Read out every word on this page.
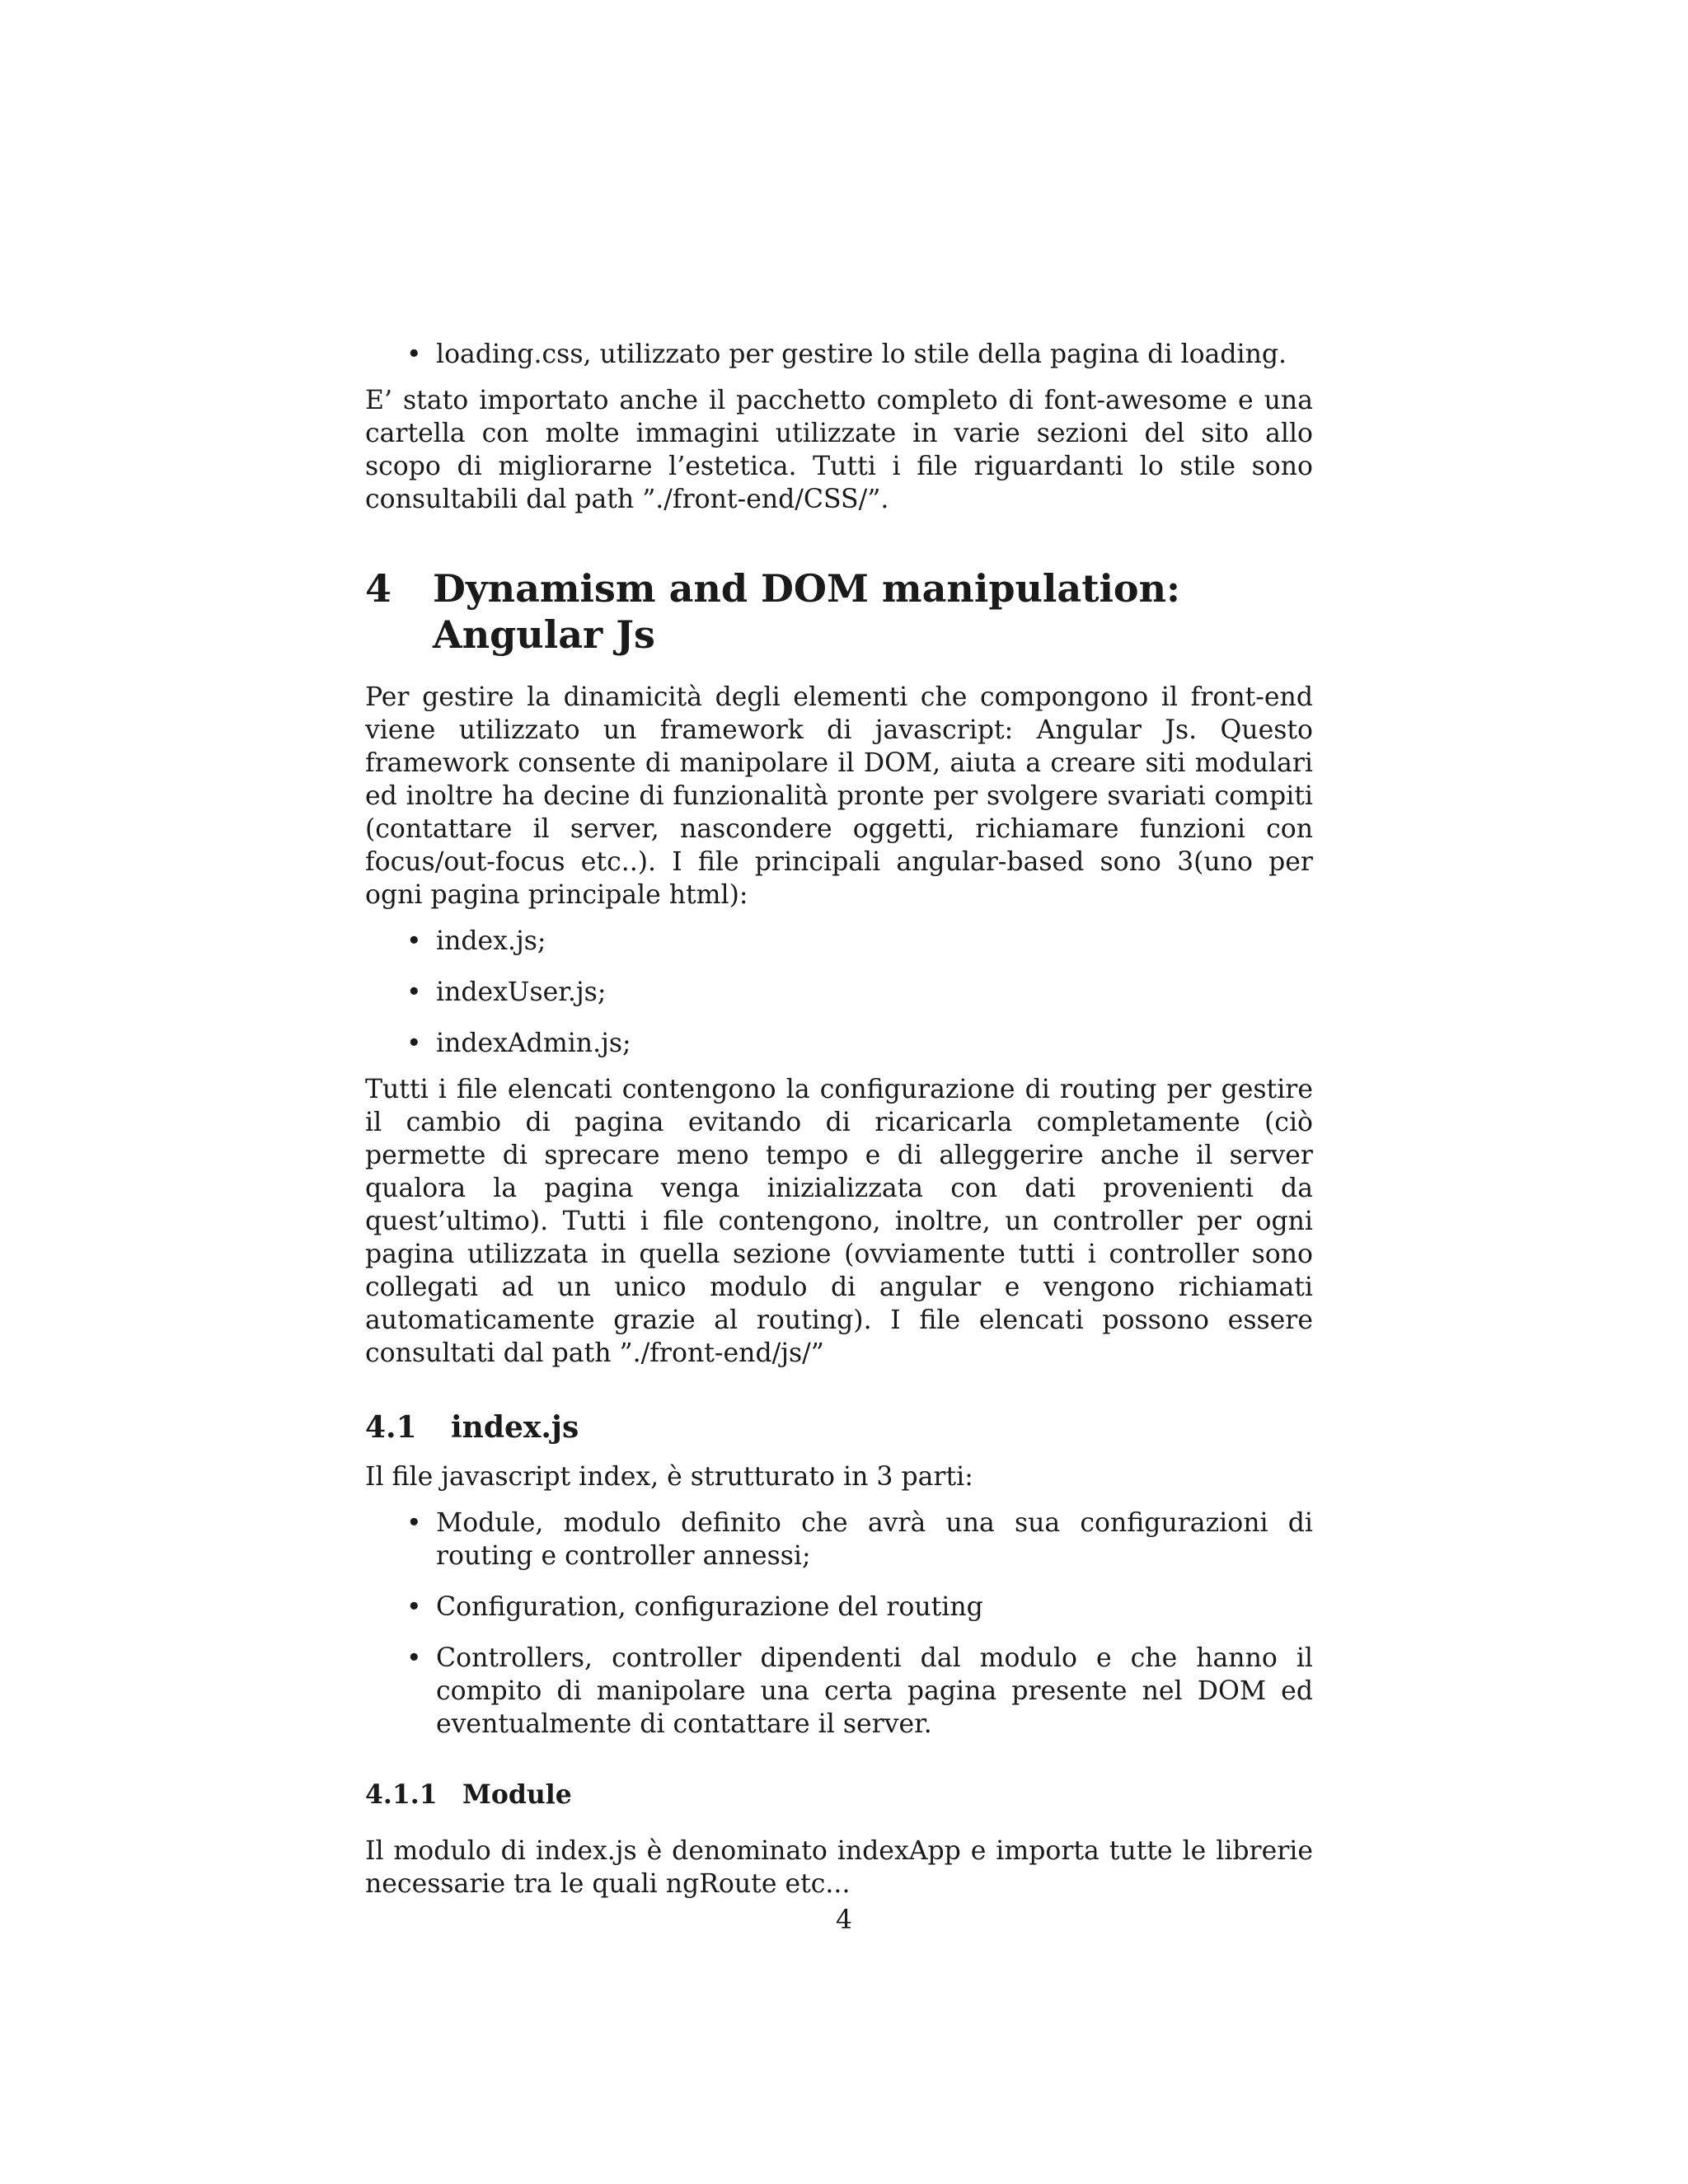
• loading.css, utilizzato per gestire lo stile della pagina di loading.

E’ stato importato anche il pacchetto completo di font-awesome e una cartella con molte immagini utilizzate in varie sezioni del sito allo scopo di migliorarne l’estetica. Tutti i file riguardanti lo stile sono consultabili dal path ”./front-end/CSS/”.

4	Dynamism and DOM manipulation: Angular Js

Per gestire la dinamicità degli elementi che compongono il front-end viene utilizzato un framework di javascript: Angular Js. Questo framework consente di manipolare il DOM, aiuta a creare siti modulari ed inoltre ha decine di funzionalità pronte per svolgere svariati compiti (contattare il server, nascondere oggetti, richiamare funzioni con focus/out-focus etc..). I file principali angular-based sono 3(uno per ogni pagina principale html):

• index.js;
• indexUser.js;
• indexAdmin.js;

Tutti i file elencati contengono la configurazione di routing per gestire il cambio di pagina evitando di ricaricarla completamente (ciò permette di sprecare meno tempo e di alleggerire anche il server qualora la pagina venga inizializzata con dati provenienti da quest’ultimo). Tutti i file contengono, inoltre, un controller per ogni pagina utilizzata in quella sezione (ovviamente tutti i controller sono collegati ad un unico modulo di angular e vengono richiamati automaticamente grazie al routing). I file elencati possono essere consultati dal path ”./front-end/js/”

4.1	index.js

Il file javascript index, è strutturato in 3 parti:

• Module, modulo definito che avrà una sua configurazioni di routing e controller annessi;
• Configuration, configurazione del routing
• Controllers, controller dipendenti dal modulo e che hanno il compito di manipolare una certa pagina presente nel DOM ed eventualmente di contattare il server.
4.1.1 Module

Il modulo di index.js è denominato indexApp e importa tutte le librerie necessarie tra le quali ngRoute etc...

4
